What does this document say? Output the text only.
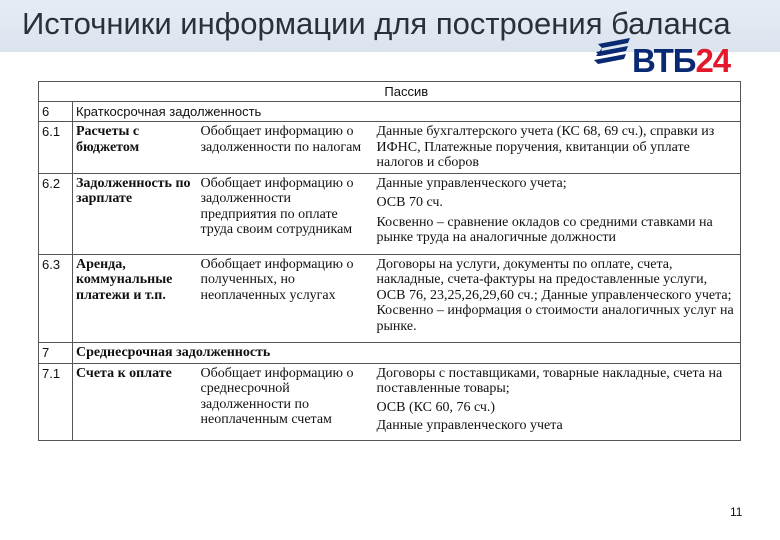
Источники информации для построения баланса
ВТБ24
	Пассив		
6	Краткосрочная задолженность		
6.1	Расчеты с бюджетом	Обобщает информацию о задолженности по налогам	Данные бухгалтерского учета (КС 68, 69 сч.), справки из ИФНС, Платежные поручения, квитанции об уплате налогов и сборов

6.2	Задолженность по зарплате	Обобщает информацию о задолженности предприятия по оплате труда своим сотрудникам	Данные управленческого учета;
ОСВ 70 сч.
Косвенно – сравнение окладов со средними ставками на рынке труда на аналогичные должности

6.3	Аренда, коммунальные платежи и т.п.	Обобщает информацию о полученных, но неоплаченных услугах	Договоры на услуги, документы по оплате, счета, накладные, счета-фактуры на предоставленные услуги, ОСВ 76, 23,25,26,29,60 сч.; Данные управленческого учета; Косвенно – информация о стоимости аналогичных услуг на рынке.

7	Среднесрочная задолженность		
7.1	Счета к оплате	Обобщает информацию о среднесрочной задолженности по неоплаченным счетам	Договоры с поставщиками, товарные накладные, счета на поставленные товары;
ОСВ (КС 60, 76 сч.)
Данные управленческого учета
11
